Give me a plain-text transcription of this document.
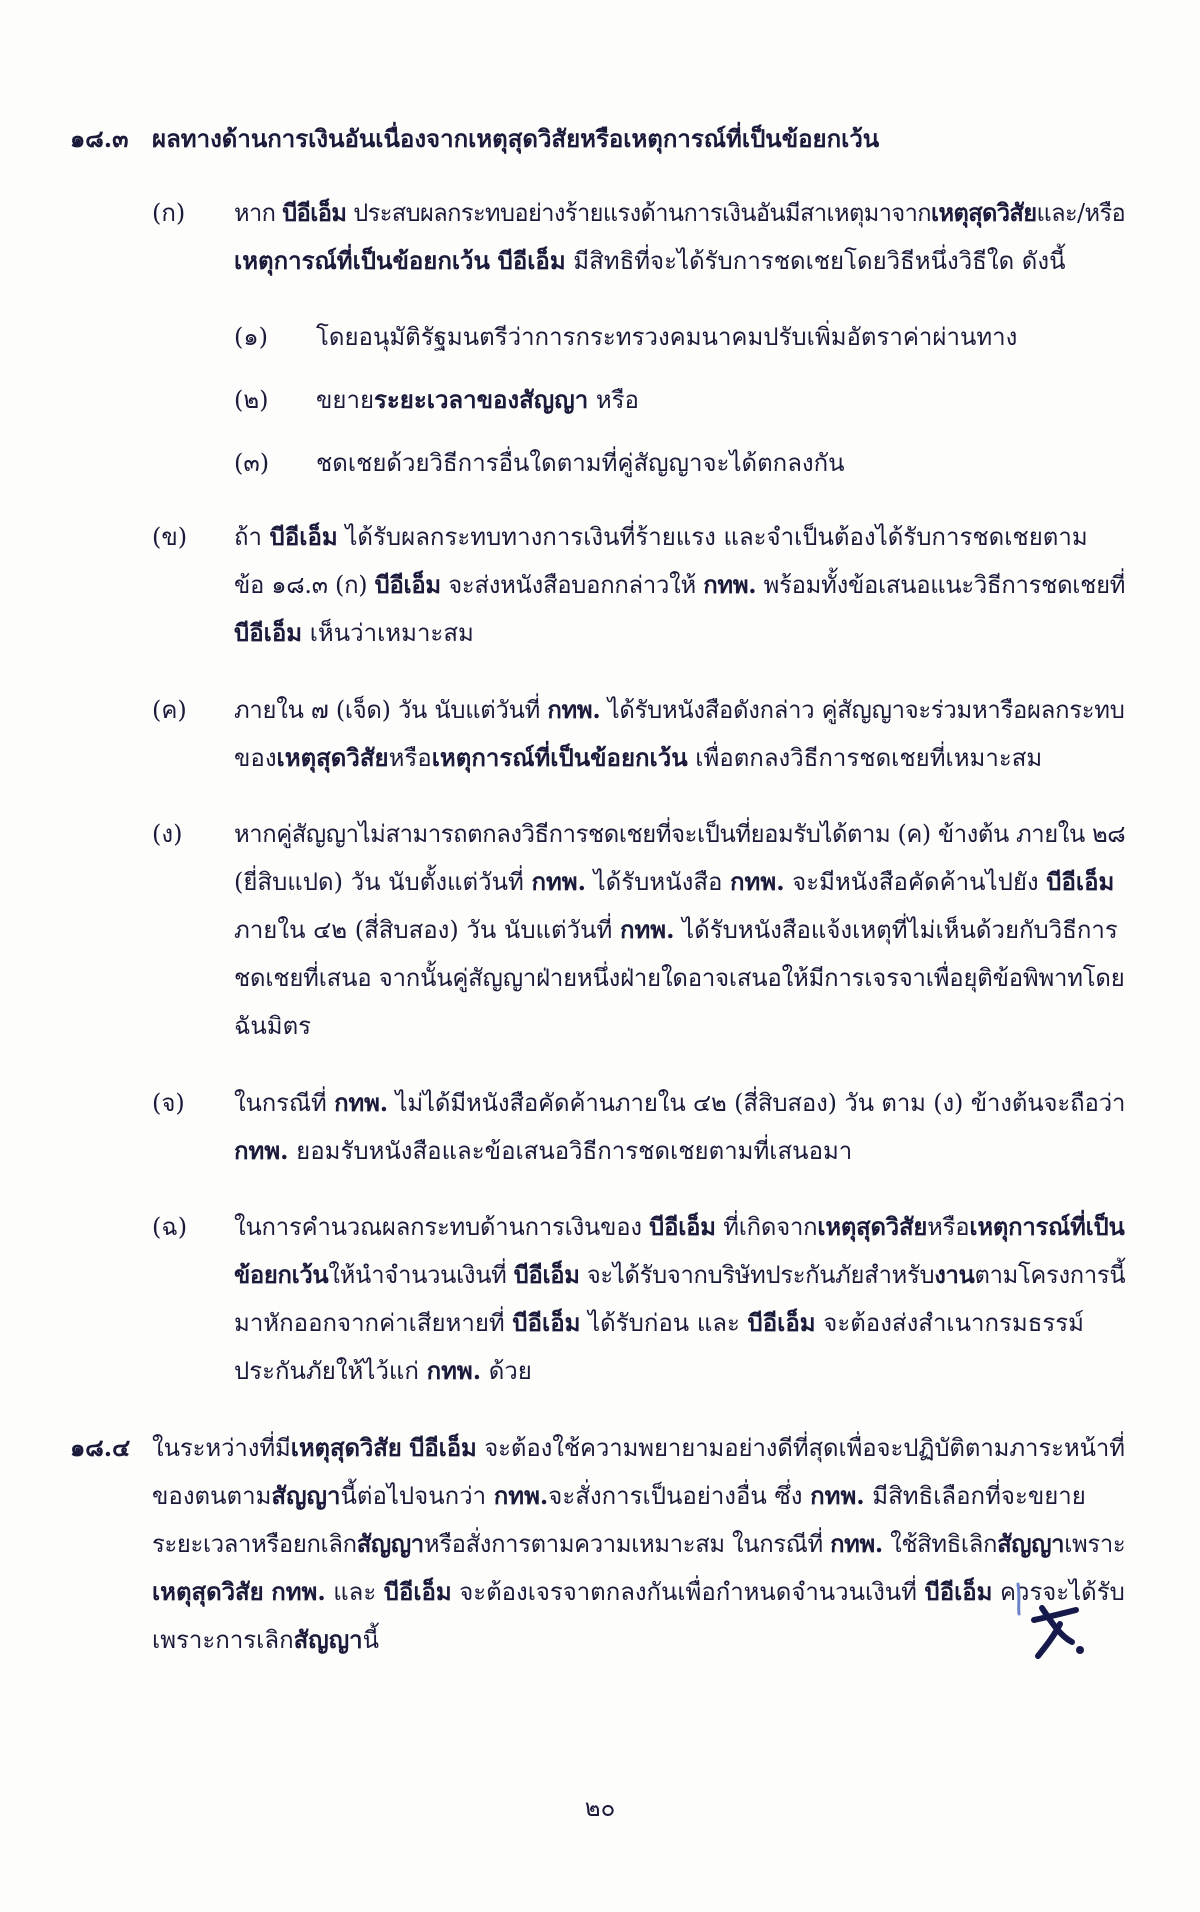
๑๘.๓ ผลทางด้านการเงินอันเนื่องจากเหตุสุดวิสัยหรือเหตุการณ์ที่เป็นข้อยกเว้น
(ก) หาก บีอีเอ็ม ประสบผลกระทบอย่างร้ายแรงด้านการเงินอันมีสาเหตุมาจากเหตุสุดวิสัยและ/หรือ
เหตุการณ์ที่เป็นข้อยกเว้น บีอีเอ็ม มีสิทธิที่จะได้รับการชดเชยโดยวิธีหนึ่งวิธีใด ดังนี้
(๑) โดยอนุมัติรัฐมนตรีว่าการกระทรวงคมนาคมปรับเพิ่มอัตราค่าผ่านทาง
(๒) ขยายระยะเวลาของสัญญา หรือ
(๓) ชดเชยด้วยวิธีการอื่นใดตามที่คู่สัญญาจะได้ตกลงกัน
(ข) ถ้า บีอีเอ็ม ได้รับผลกระทบทางการเงินที่ร้ายแรง และจำเป็นต้องได้รับการชดเชยตาม
ข้อ ๑๘.๓ (ก) บีอีเอ็ม จะส่งหนังสือบอกกล่าวให้ กทพ. พร้อมทั้งข้อเสนอแนะวิธีการชดเชยที่
บีอีเอ็ม เห็นว่าเหมาะสม
(ค) ภายใน ๗ (เจ็ด) วัน นับแต่วันที่ กทพ. ได้รับหนังสือดังกล่าว คู่สัญญาจะร่วมหารือผลกระทบ
ของเหตุสุดวิสัยหรือเหตุการณ์ที่เป็นข้อยกเว้น เพื่อตกลงวิธีการชดเชยที่เหมาะสม
(ง) หากคู่สัญญาไม่สามารถตกลงวิธีการชดเชยที่จะเป็นที่ยอมรับได้ตาม (ค) ข้างต้น ภายใน ๒๘
(ยี่สิบแปด) วัน นับตั้งแต่วันที่ กทพ. ได้รับหนังสือ กทพ. จะมีหนังสือคัดค้านไปยัง บีอีเอ็ม
ภายใน ๔๒ (สี่สิบสอง) วัน นับแต่วันที่ กทพ. ได้รับหนังสือแจ้งเหตุที่ไม่เห็นด้วยกับวิธีการ
ชดเชยที่เสนอ จากนั้นคู่สัญญาฝ่ายหนึ่งฝ่ายใดอาจเสนอให้มีการเจรจาเพื่อยุติข้อพิพาทโดย
ฉันมิตร
(จ) ในกรณีที่ กทพ. ไม่ได้มีหนังสือคัดค้านภายใน ๔๒ (สี่สิบสอง) วัน ตาม (ง) ข้างต้นจะถือว่า
กทพ. ยอมรับหนังสือและข้อเสนอวิธีการชดเชยตามที่เสนอมา
(ฉ) ในการคำนวณผลกระทบด้านการเงินของ บีอีเอ็ม ที่เกิดจากเหตุสุดวิสัยหรือเหตุการณ์ที่เป็น
ข้อยกเว้นให้นำจำนวนเงินที่ บีอีเอ็ม จะได้รับจากบริษัทประกันภัยสำหรับงานตามโครงการนี้
มาหักออกจากค่าเสียหายที่ บีอีเอ็ม ได้รับก่อน และ บีอีเอ็ม จะต้องส่งสำเนากรมธรรม์
ประกันภัยให้ไว้แก่ กทพ. ด้วย
๑๘.๔ ในระหว่างที่มีเหตุสุดวิสัย บีอีเอ็ม จะต้องใช้ความพยายามอย่างดีที่สุดเพื่อจะปฏิบัติตามภาระหน้าที่
ของตนตามสัญญานี้ต่อไปจนกว่า กทพ.จะสั่งการเป็นอย่างอื่น ซึ่ง กทพ. มีสิทธิเลือกที่จะขยาย
ระยะเวลาหรือยกเลิกสัญญาหรือสั่งการตามความเหมาะสม ในกรณีที่ กทพ. ใช้สิทธิเลิกสัญญาเพราะ
เหตุสุดวิสัย กทพ. และ บีอีเอ็ม จะต้องเจรจาตกลงกันเพื่อกำหนดจำนวนเงินที่ บีอีเอ็ม ควรจะได้รับ
เพราะการเลิกสัญญานี้
๒๐
